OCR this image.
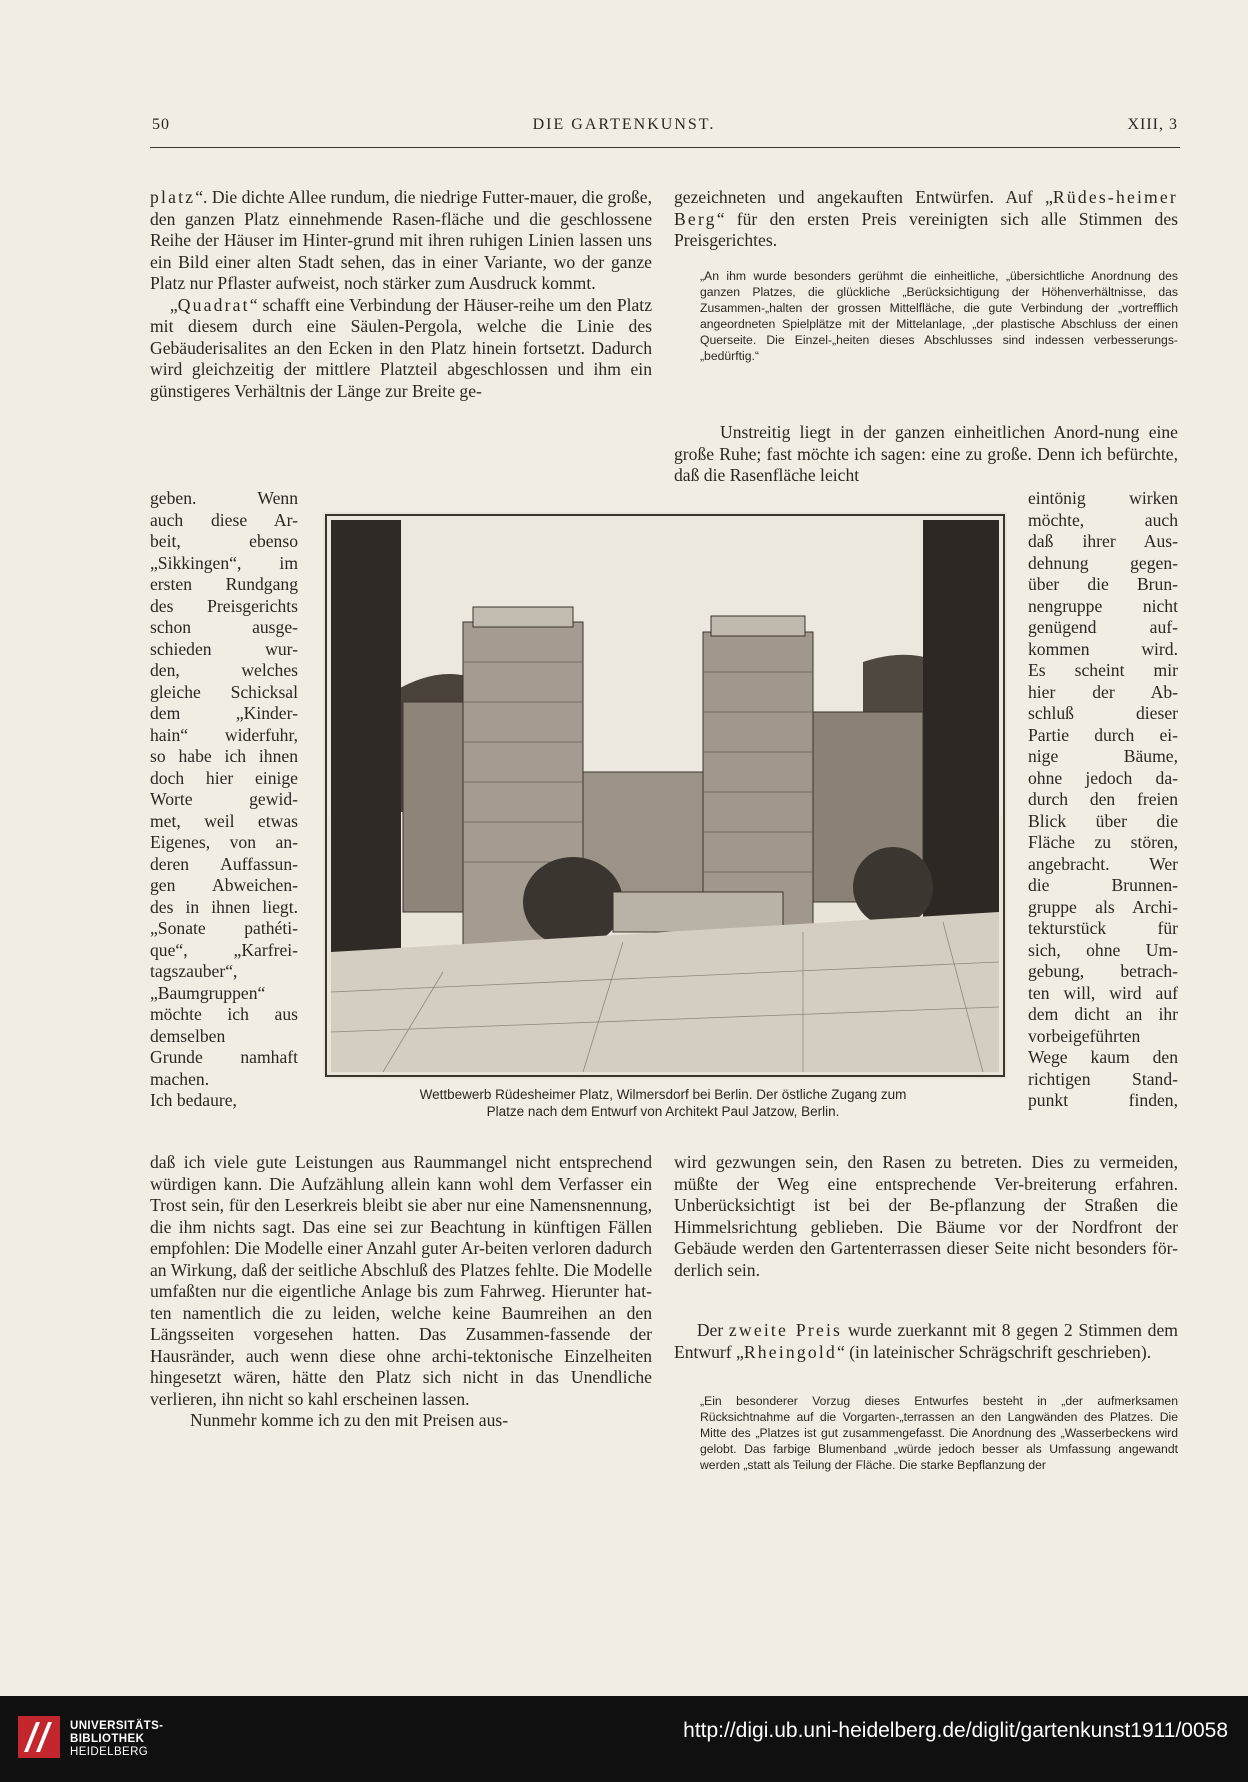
50	DIE GARTENKUNST.	XIII, 3

platz“. Die dichte Allee rundum, die niedrige Futter-mauer, die große, den ganzen Platz einnehmende Rasen-fläche und die geschlossene Reihe der Häuser im Hinter-grund mit ihren ruhigen Linien lassen uns ein Bild einer alten Stadt sehen, das in einer Variante, wo der ganze Platz nur Pflaster aufweist, noch stärker zum Ausdruck kommt.

„Quadrat“ schafft eine Verbindung der Häuser-reihe um den Platz mit diesem durch eine Säulen-Pergola, welche die Linie des Gebäuderisalites an den Ecken in den Platz hinein fortsetzt. Dadurch wird gleichzeitig der mittlere Platzteil abgeschlossen und ihm ein günstigeres Verhältnis der Länge zur Breite ge-

geben. Wenn
auch diese Ar-
beit, ebenso
„Sikkingen“, im
ersten Rundgang
des Preisgerichts
schon ausge-
schieden wur-
den, welches
gleiche Schicksal
dem „Kinder-
hain“ widerfuhr,
so habe ich ihnen
doch hier einige
Worte gewid-
met, weil etwas
Eigenes, von an-
deren Auffassun-
gen Abweichen-
des in ihnen liegt.
„Sonate pathéti-
que“, „Karfrei-
tagszauber“,
„Baumgruppen“
möchte ich aus
demselben
Grunde namhaft
machen.
Ich bedaure,

daß ich viele gute Leistungen aus Raummangel nicht entsprechend würdigen kann. Die Aufzählung allein kann wohl dem Verfasser ein Trost sein, für den Leserkreis bleibt sie aber nur eine Namensnennung, die ihm nichts sagt. Das eine sei zur Beachtung in künftigen Fällen empfohlen: Die Modelle einer Anzahl guter Ar-beiten verloren dadurch an Wirkung, daß der seitliche Abschluß des Platzes fehlte. Die Modelle umfaßten nur die eigentliche Anlage bis zum Fahrweg. Hierunter hat-ten namentlich die zu leiden, welche keine Baumreihen an den Längsseiten vorgesehen hatten. Das Zusammen-fassende der Hausränder, auch wenn diese ohne archi-tektonische Einzelheiten hingesetzt wären, hätte den Platz sich nicht in das Unendliche verlieren, ihn nicht so kahl erscheinen lassen.

Nunmehr komme ich zu den mit Preisen aus-

gezeichneten und angekauften Entwürfen. Auf „Rüdes-heimer Berg“ für den ersten Preis vereinigten sich alle Stimmen des Preisgerichtes.

„An ihm wurde besonders gerühmt die einheitliche, „übersichtliche Anordnung des ganzen Platzes, die glückliche „Berücksichtigung der Höhenverhältnisse, das Zusammen-„halten der grossen Mittelfläche, die gute Verbindung der „vortrefflich angeordneten Spielplätze mit der Mittelanlage, „der plastische Abschluss der einen Querseite. Die Einzel-„heiten dieses Abschlusses sind indessen verbesserungs-„bedürftig.“
Unstreitig liegt in der ganzen einheitlichen Anord-nung eine große Ruhe; fast möchte ich sagen: eine zu große. Denn ich befürchte, daß die Rasenfläche leicht
eintönig wirken
möchte, auch
daß ihrer Aus-
dehnung gegen-
über die Brun-
nengruppe nicht
genügend auf-
kommen wird.
Es scheint mir
hier der Ab-
schluß dieser
Partie durch ei-
nige Bäume,
ohne jedoch da-
durch den freien
Blick über die
Fläche zu stören,
angebracht. Wer
die Brunnen-
gruppe als Archi-
tekturstück für
sich, ohne Um-
gebung, betrach-
ten will, wird auf
dem dicht an ihr
vorbeigeführten
Wege kaum den
richtigen Stand-
punkt finden,

wird gezwungen sein, den Rasen zu betreten. Dies zu vermeiden, müßte der Weg eine entsprechende Ver-breiterung erfahren. Unberücksichtigt ist bei der Be-pflanzung der Straßen die Himmelsrichtung geblieben. Die Bäume vor der Nordfront der Gebäude werden den Gartenterrassen dieser Seite nicht besonders för-derlich sein.

Der zweite Preis wurde zuerkannt mit 8 gegen 2 Stimmen dem Entwurf „Rheingold“ (in lateinischer Schrägschrift geschrieben).

„Ein besonderer Vorzug dieses Entwurfes besteht in „der aufmerksamen Rücksichtnahme auf die Vorgarten-„terrassen an den Langwänden des Platzes. Die Mitte des „Platzes ist gut zusammengefasst. Die Anordnung des „Wasserbeckens wird gelobt. Das farbige Blumenband „würde jedoch besser als Umfassung angewandt werden „statt als Teilung der Fläche. Die starke Bepflanzung der
Wettbewerb Rüdesheimer Platz, Wilmersdorf bei Berlin. Der östliche Zugang zum
Platze nach dem Entwurf von Architekt Paul Jatzow, Berlin.
UNIVERSITÄTS-
BIBLIOTHEK
HEIDELBERG
http://digi.ub.uni-heidelberg.de/diglit/gartenkunst1911/0058
